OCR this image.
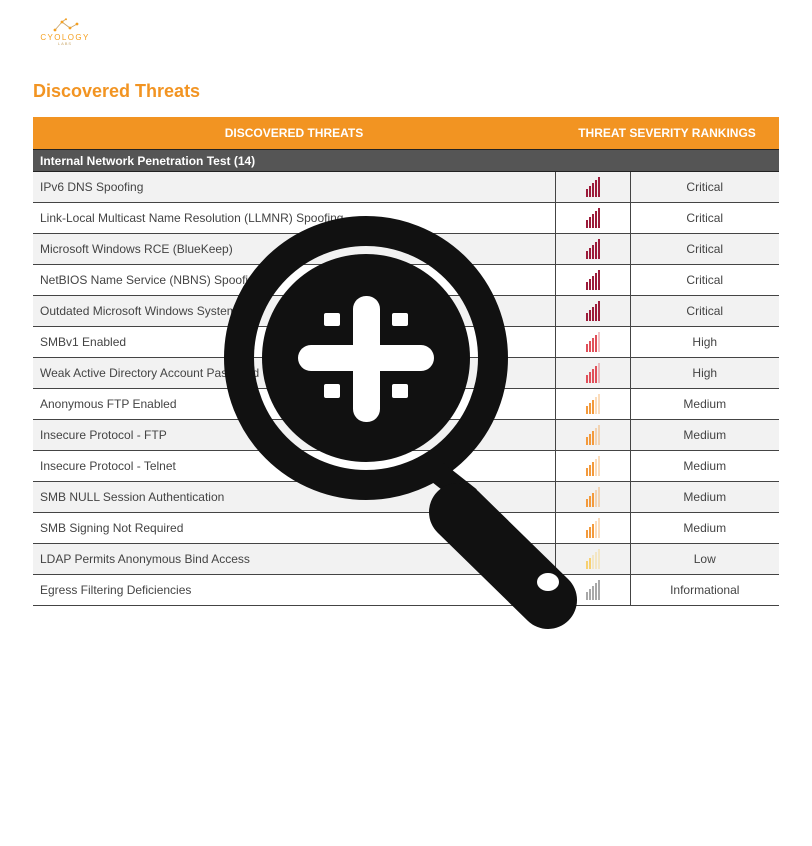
CYOLOGY
LABS
Discovered Threats
DISCOVERED THREATS	THREAT SEVERITY RANKINGS	
Internal Network Penetration Test (14)		
IPv6 DNS Spoofing		Critical
Link-Local Multicast Name Resolution (LLMNR) Spoofing		Critical
Microsoft Windows RCE (BlueKeep)		Critical
NetBIOS Name Service (NBNS) Spoofing		Critical
Outdated Microsoft Windows Systems		Critical
SMBv1 Enabled		High
Weak Active Directory Account Password		High
Anonymous FTP Enabled		Medium
Insecure Protocol - FTP		Medium
Insecure Protocol - Telnet		Medium
SMB NULL Session Authentication		Medium
SMB Signing Not Required		Medium
LDAP Permits Anonymous Bind Access		Low
Egress Filtering Deficiencies		Informational
